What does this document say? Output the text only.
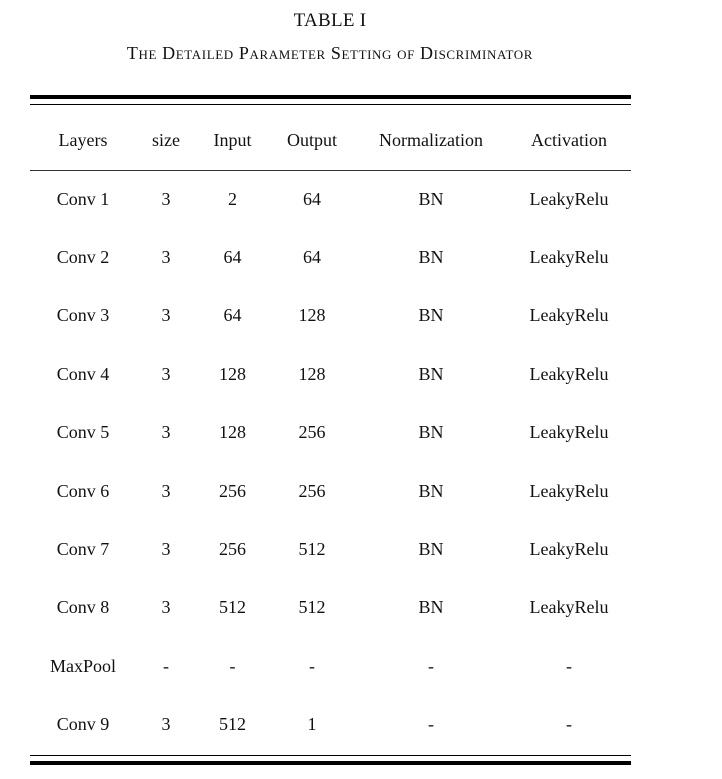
TABLE I
The Detailed Parameter Setting of Discriminator
Layers	size	Input	Output	Normalization	Activation
Conv 1	3	2	64	BN	LeakyRelu
Conv 2	3	64	64	BN	LeakyRelu
Conv 3	3	64	128	BN	LeakyRelu
Conv 4	3	128	128	BN	LeakyRelu
Conv 5	3	128	256	BN	LeakyRelu
Conv 6	3	256	256	BN	LeakyRelu
Conv 7	3	256	512	BN	LeakyRelu
Conv 8	3	512	512	BN	LeakyRelu
MaxPool	-	-	-	-	-
Conv 9	3	512	1	-	-
